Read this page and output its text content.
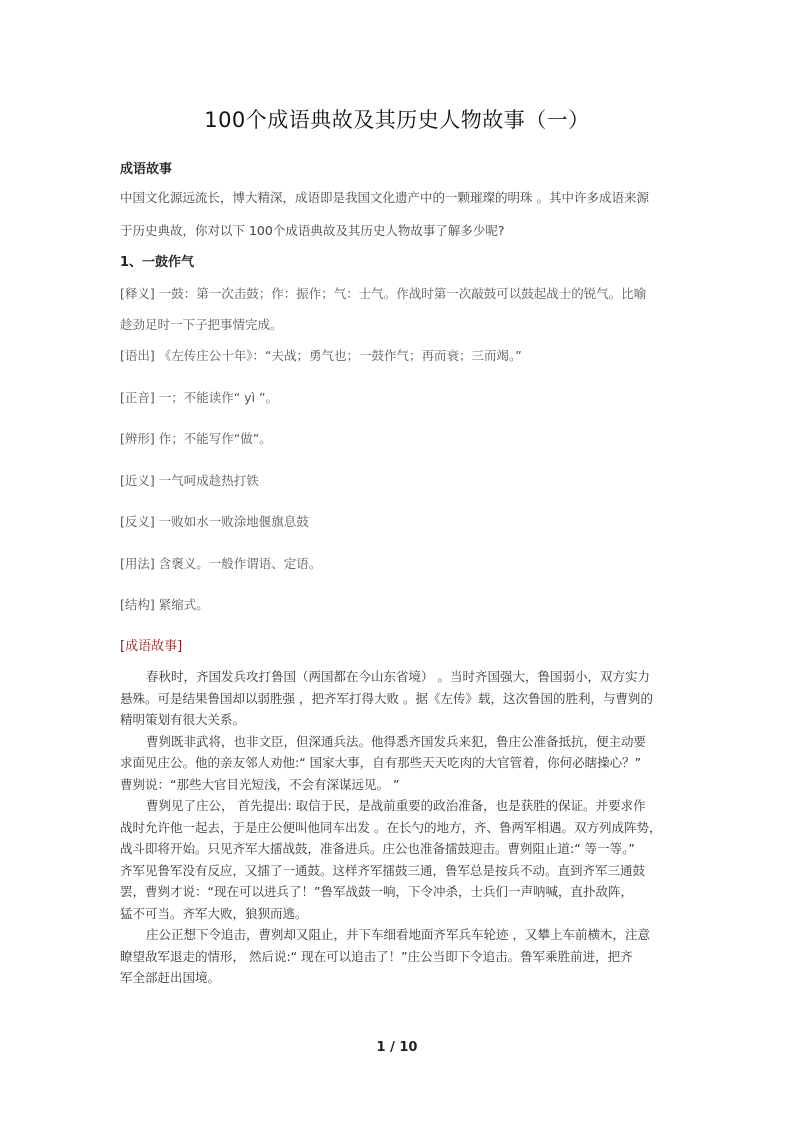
100个成语典故及其历史人物故事（一）
成语故事

中国文化源远流长，博大精深，成语即是我国文化遗产中的一颗璀璨的明珠 。其中许多成语来源

于历史典故，你对以下 100个成语典故及其历史人物故事了解多少呢?

1、一鼓作气
[释义] 一鼓：第一次击鼓；作：振作；气：士气。作战时第一次敲鼓可以鼓起战士的锐气。比喻
趁劲足时一下子把事情完成。
[语出] 《左传庄公十年》：“夫战；勇气也；一鼓作气；再而衰；三而竭。”
[正音] 一；不能读作“ yì ”。
[辨形] 作；不能写作“做”。
[近义] 一气呵成趁热打铁
[反义] 一败如水一败涂地偃旗息鼓
[用法] 含褒义。一般作谓语、定语。
[结构] 紧缩式。
[成语故事]
春秋时，齐国发兵攻打鲁国（两国都在今山东省境） 。当时齐国强大，鲁国弱小，双方实力
悬殊。可是结果鲁国却以弱胜强 ，把齐军打得大败 。据《左传》载，这次鲁国的胜利，与曹刿的
精明策划有很大关系。
曹刿既非武将，也非文臣，但深通兵法。他得悉齐国发兵来犯，鲁庄公准备抵抗，便主动要
求面见庄公。他的亲友邻人劝他:“ 国家大事，自有那些天天吃肉的大官管着，你何必瞎操心？”
曹刿说：“那些大官目光短浅，不会有深谋远见。 ”
曹刿见了庄公， 首先提出: 取信于民，是战前重要的政治准备，也是获胜的保证。并要求作
战时允许他一起去，于是庄公便叫他同车出发 。在长勺的地方，齐、鲁两军相遇。双方列成阵势，
战斗即将开始。只见齐军大擂战鼓，准备进兵。庄公也准备擂鼓迎击。曹刿阻止道:“ 等一等。”
齐军见鲁军没有反应，又擂了一通鼓。这样齐军擂鼓三通，鲁军总是按兵不动。直到齐军三通鼓
罢，曹刿才说：“现在可以进兵了！”鲁军战鼓一响，下令冲杀，士兵们一声呐喊，直扑敌阵，
猛不可当。齐军大败，狼狈而逃。
庄公正想下令追击，曹刿却又阻止，并下车细看地面齐军兵车轮迹 ，又攀上车前横木，注意
瞭望敌军退走的情形， 然后说:“ 现在可以追击了！”庄公当即下令追击。鲁军乘胜前进，把齐
军全部赶出国境。
1 / 10
